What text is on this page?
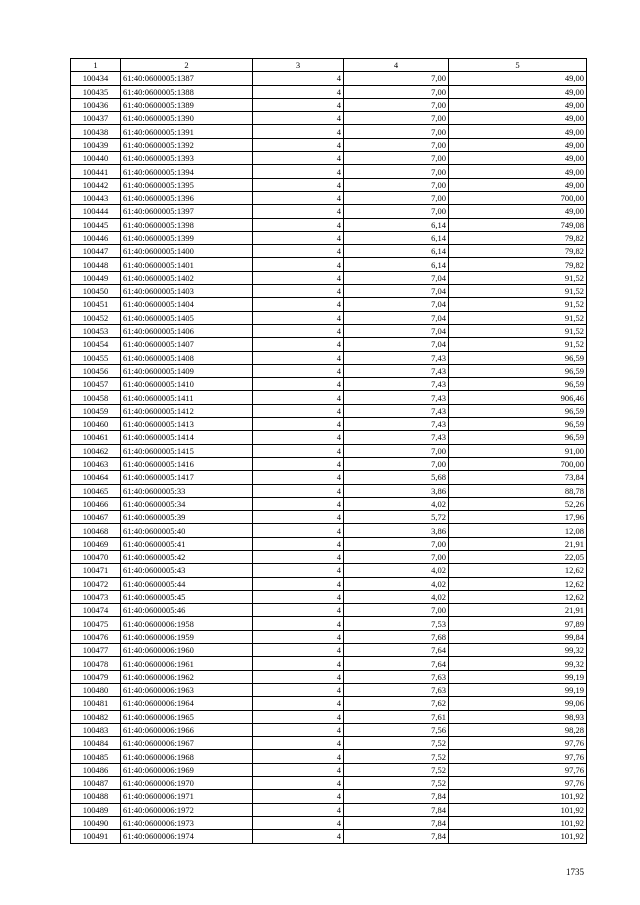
1	2	3	4	5
100434	61:40:0600005:1387	4	7,00	49,00
100435	61:40:0600005:1388	4	7,00	49,00
100436	61:40:0600005:1389	4	7,00	49,00
100437	61:40:0600005:1390	4	7,00	49,00
100438	61:40:0600005:1391	4	7,00	49,00
100439	61:40:0600005:1392	4	7,00	49,00
100440	61:40:0600005:1393	4	7,00	49,00
100441	61:40:0600005:1394	4	7,00	49,00
100442	61:40:0600005:1395	4	7,00	49,00
100443	61:40:0600005:1396	4	7,00	700,00
100444	61:40:0600005:1397	4	7,00	49,00
100445	61:40:0600005:1398	4	6,14	749,08
100446	61:40:0600005:1399	4	6,14	79,82
100447	61:40:0600005:1400	4	6,14	79,82
100448	61:40:0600005:1401	4	6,14	79,82
100449	61:40:0600005:1402	4	7,04	91,52
100450	61:40:0600005:1403	4	7,04	91,52
100451	61:40:0600005:1404	4	7,04	91,52
100452	61:40:0600005:1405	4	7,04	91,52
100453	61:40:0600005:1406	4	7,04	91,52
100454	61:40:0600005:1407	4	7,04	91,52
100455	61:40:0600005:1408	4	7,43	96,59
100456	61:40:0600005:1409	4	7,43	96,59
100457	61:40:0600005:1410	4	7,43	96,59
100458	61:40:0600005:1411	4	7,43	906,46
100459	61:40:0600005:1412	4	7,43	96,59
100460	61:40:0600005:1413	4	7,43	96,59
100461	61:40:0600005:1414	4	7,43	96,59
100462	61:40:0600005:1415	4	7,00	91,00
100463	61:40:0600005:1416	4	7,00	700,00
100464	61:40:0600005:1417	4	5,68	73,84
100465	61:40:0600005:33	4	3,86	88,78
100466	61:40:0600005:34	4	4,02	52,26
100467	61:40:0600005:39	4	5,72	17,96
100468	61:40:0600005:40	4	3,86	12,08
100469	61:40:0600005:41	4	7,00	21,91
100470	61:40:0600005:42	4	7,00	22,05
100471	61:40:0600005:43	4	4,02	12,62
100472	61:40:0600005:44	4	4,02	12,62
100473	61:40:0600005:45	4	4,02	12,62
100474	61:40:0600005:46	4	7,00	21,91
100475	61:40:0600006:1958	4	7,53	97,89
100476	61:40:0600006:1959	4	7,68	99,84
100477	61:40:0600006:1960	4	7,64	99,32
100478	61:40:0600006:1961	4	7,64	99,32
100479	61:40:0600006:1962	4	7,63	99,19
100480	61:40:0600006:1963	4	7,63	99,19
100481	61:40:0600006:1964	4	7,62	99,06
100482	61:40:0600006:1965	4	7,61	98,93
100483	61:40:0600006:1966	4	7,56	98,28
100484	61:40:0600006:1967	4	7,52	97,76
100485	61:40:0600006:1968	4	7,52	97,76
100486	61:40:0600006:1969	4	7,52	97,76
100487	61:40:0600006:1970	4	7,52	97,76
100488	61:40:0600006:1971	4	7,84	101,92
100489	61:40:0600006:1972	4	7,84	101,92
100490	61:40:0600006:1973	4	7,84	101,92
100491	61:40:0600006:1974	4	7,84	101,92
1735
